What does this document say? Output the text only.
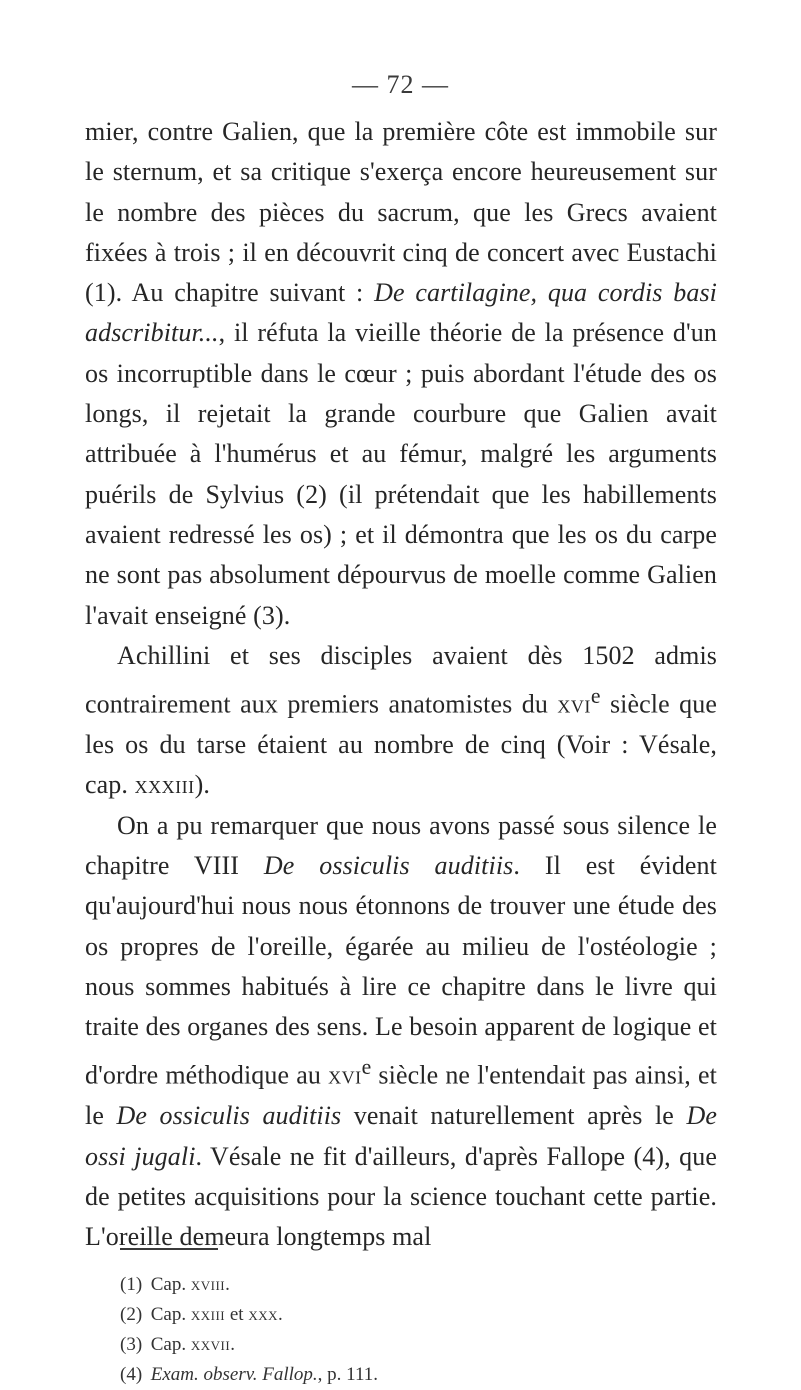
— 72 —

mier, contre Galien, que la première côte est immobile sur le sternum, et sa critique s'exerça encore heureusement sur le nombre des pièces du sacrum, que les Grecs avaient fixées à trois ; il en découvrit cinq de concert avec Eustachi (1). Au chapitre suivant : De cartilagine, qua cordis basi adscribitur..., il réfuta la vieille théorie de la présence d'un os incorruptible dans le cœur ; puis abordant l'étude des os longs, il rejetait la grande courbure que Galien avait attribuée à l'humérus et au fémur, malgré les arguments puérils de Sylvius (2) (il prétendait que les habillements avaient redressé les os) ; et il démontra que les os du carpe ne sont pas absolument dépourvus de moelle comme Galien l'avait enseigné (3).

Achillini et ses disciples avaient dès 1502 admis contrairement aux premiers anatomistes du xvi$^e$ siècle que les os du tarse étaient au nombre de cinq (Voir : Vésale, cap. xxxiii).

On a pu remarquer que nous avons passé sous silence le chapitre VIII De ossiculis auditiis. Il est évident qu'aujourd'hui nous nous étonnons de trouver une étude des os propres de l'oreille, égarée au milieu de l'ostéologie ; nous sommes habitués à lire ce chapitre dans le livre qui traite des organes des sens. Le besoin apparent de logique et d'ordre méthodique au xvi$^e$ siècle ne l'entendait pas ainsi, et le De ossiculis auditiis venait naturellement après le De ossi jugali. Vésale ne fit d'ailleurs, d'après Fallope (4), que de petites acquisitions pour la science touchant cette partie. L'oreille demeura longtemps mal

(1) Cap. xviii.
(2) Cap. xxiii et xxx.
(3) Cap. xxvii.
(4) Exam. observ. Fallop., p. 111.
